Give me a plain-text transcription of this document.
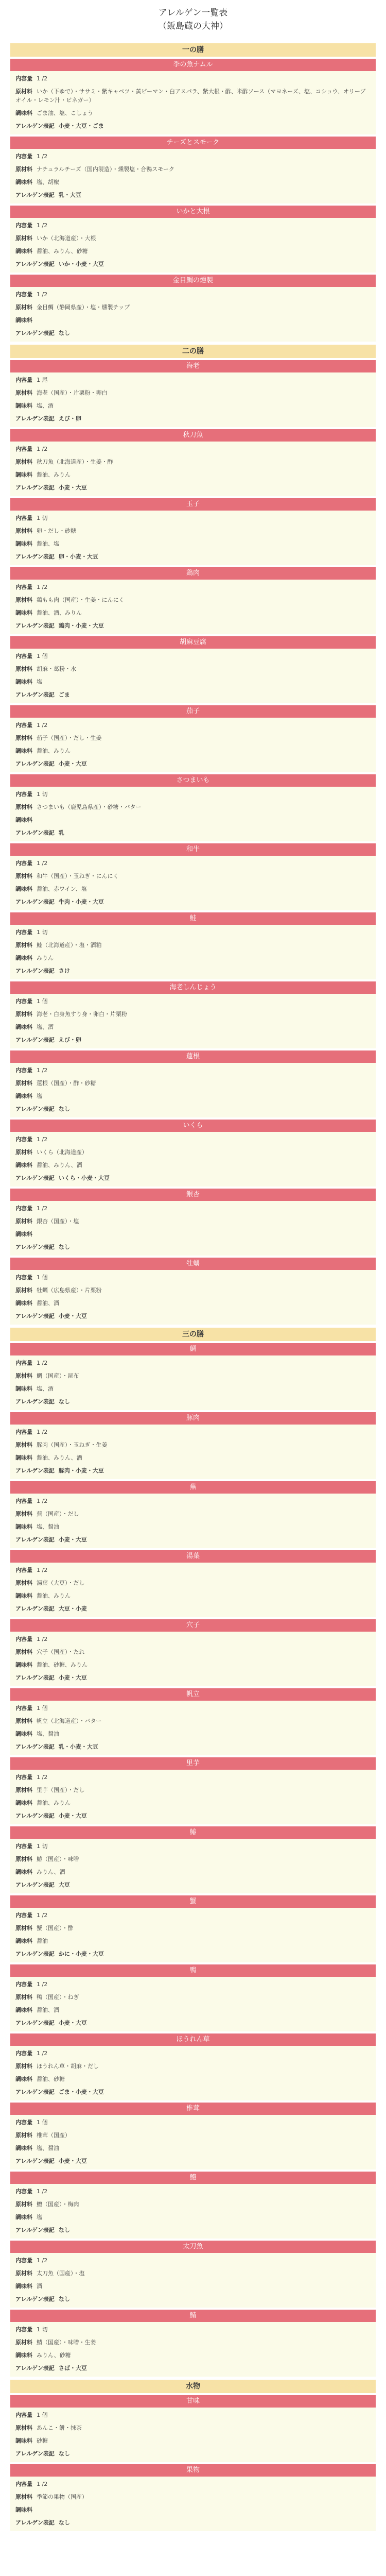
アレルゲン一覧表
（飯島蔵の大神）
一の膳
季の魚ナムル
内容量 1 /2
原材料 いか（下ゆで）・ササミ・紫キャベツ・黄ピーマン・白アスパラ、紫大根・酢、米酢ソース（マヨネーズ、塩、コショウ、オリーブオイル・レモン汁・ビネガー）
調味料 ごま油、塩、こしょう
アレルゲン表記 小麦・大豆・ごま
チーズとスモーク
内容量 1 /2
原材料 ナチュラルチーズ（国内製造）・燻製塩・合鴨スモーク
調味料 塩、胡椒
アレルゲン表記 乳・大豆
いかと大根
内容量 1 /2
原材料 いか（北海道産）・大根
調味料 醤油、みりん、砂糖
アレルゲン表記 いか・小麦・大豆
金目鯛の燻製
内容量 1 /2
原材料 金目鯛（静岡県産）・塩・燻製チップ
調味料
アレルゲン表記 なし
二の膳
海老
内容量 1 尾
原材料 海老（国産）・片栗粉・卵白
調味料 塩、酒
アレルゲン表記 えび・卵
秋刀魚
内容量 1 /2
原材料 秋刀魚（北海道産）・生姜・酢
調味料 醤油、みりん
アレルゲン表記 小麦・大豆
玉子
内容量 1 切
原材料 卵・だし・砂糖
調味料 醤油、塩
アレルゲン表記 卵・小麦・大豆
鶏肉
内容量 1 /2
原材料 鶏もも肉（国産）・生姜・にんにく
調味料 醤油、酒、みりん
アレルゲン表記 鶏肉・小麦・大豆
胡麻豆腐
内容量 1 個
原材料 胡麻・葛粉・水
調味料 塩
アレルゲン表記 ごま
茄子
内容量 1 /2
原材料 茄子（国産）・だし・生姜
調味料 醤油、みりん
アレルゲン表記 小麦・大豆
さつまいも
内容量 1 切
原材料 さつまいも（鹿児島県産）・砂糖・バター
調味料
アレルゲン表記 乳
和牛
内容量 1 /2
原材料 和牛（国産）・玉ねぎ・にんにく
調味料 醤油、赤ワイン、塩
アレルゲン表記 牛肉・小麦・大豆
鮭
内容量 1 切
原材料 鮭（北海道産）・塩・酒粕
調味料 みりん
アレルゲン表記 さけ
海老しんじょう
内容量 1 個
原材料 海老・白身魚すり身・卵白・片栗粉
調味料 塩、酒
アレルゲン表記 えび・卵
蓮根
内容量 1 /2
原材料 蓮根（国産）・酢・砂糖
調味料 塩
アレルゲン表記 なし
いくら
内容量 1 /2
原材料 いくら（北海道産）
調味料 醤油、みりん、酒
アレルゲン表記 いくら・小麦・大豆
銀杏
内容量 1 /2
原材料 銀杏（国産）・塩
調味料
アレルゲン表記 なし
牡蠣
内容量 1 個
原材料 牡蠣（広島県産）・片栗粉
調味料 醤油、酒
アレルゲン表記 小麦・大豆
三の膳
鯛
内容量 1 /2
原材料 鯛（国産）・昆布
調味料 塩、酒
アレルゲン表記 なし
豚肉
内容量 1 /2
原材料 豚肉（国産）・玉ねぎ・生姜
調味料 醤油、みりん、酒
アレルゲン表記 豚肉・小麦・大豆
蕪
内容量 1 /2
原材料 蕪（国産）・だし
調味料 塩、醤油
アレルゲン表記 小麦・大豆
湯葉
内容量 1 /2
原材料 湯葉（大豆）・だし
調味料 醤油、みりん
アレルゲン表記 大豆・小麦
穴子
内容量 1 /2
原材料 穴子（国産）・たれ
調味料 醤油、砂糖、みりん
アレルゲン表記 小麦・大豆
帆立
内容量 1 個
原材料 帆立（北海道産）・バター
調味料 塩、醤油
アレルゲン表記 乳・小麦・大豆
里芋
内容量 1 /2
原材料 里芋（国産）・だし
調味料 醤油、みりん
アレルゲン表記 小麦・大豆
鰆
内容量 1 切
原材料 鰆（国産）・味噌
調味料 みりん、酒
アレルゲン表記 大豆
蟹
内容量 1 /2
原材料 蟹（国産）・酢
調味料 醤油
アレルゲン表記 かに・小麦・大豆
鴨
内容量 1 /2
原材料 鴨（国産）・ねぎ
調味料 醤油、酒
アレルゲン表記 小麦・大豆
ほうれん草
内容量 1 /2
原材料 ほうれん草・胡麻・だし
調味料 醤油、砂糖
アレルゲン表記 ごま・小麦・大豆
椎茸
内容量 1 個
原材料 椎茸（国産）
調味料 塩、醤油
アレルゲン表記 小麦・大豆
鱧
内容量 1 /2
原材料 鱧（国産）・梅肉
調味料 塩
アレルゲン表記 なし
太刀魚
内容量 1 /2
原材料 太刀魚（国産）・塩
調味料 酒
アレルゲン表記 なし
鯖
内容量 1 切
原材料 鯖（国産）・味噌・生姜
調味料 みりん、砂糖
アレルゲン表記 さば・大豆
水物
甘味
内容量 1 個
原材料 あんこ・餅・抹茶
調味料 砂糖
アレルゲン表記 なし
果物
内容量 1 /2
原材料 季節の果物（国産）
調味料
アレルゲン表記 なし
